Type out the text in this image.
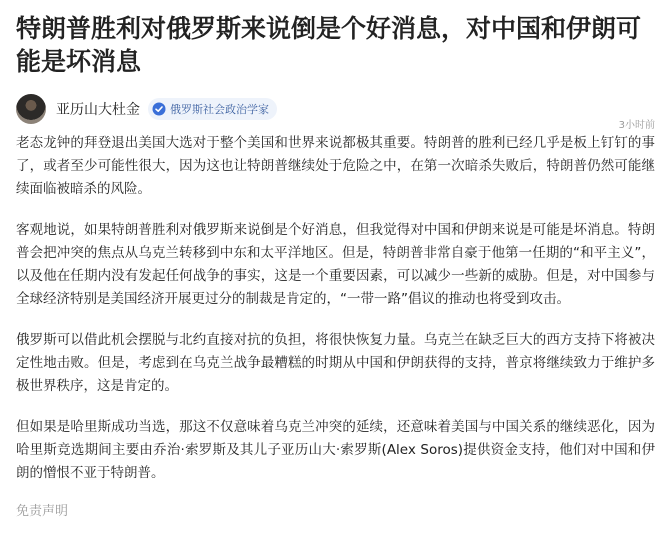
特朗普胜利对俄罗斯来说倒是个好消息，对中国和伊朗可能是坏消息
亚历山大杜金	俄罗斯社会政治学家
3小时前

老态龙钟的拜登退出美国大选对于整个美国和世界来说都极其重要。特朗普的胜利已经几乎是板上钉钉的事了，或者至少可能性很大，因为这也让特朗普继续处于危险之中，在第一次暗杀失败后，特朗普仍然可能继续面临被暗杀的风险。

客观地说，如果特朗普胜利对俄罗斯来说倒是个好消息，但我觉得对中国和伊朗来说是可能是坏消息。特朗普会把冲突的焦点从乌克兰转移到中东和太平洋地区。但是，特朗普非常自豪于他第一任期的“和平主义”，以及他在任期内没有发起任何战争的事实，这是一个重要因素，可以减少一些新的威胁。但是，对中国参与全球经济特别是美国经济开展更过分的制裁是肯定的，“一带一路”倡议的推动也将受到攻击。

俄罗斯可以借此机会摆脱与北约直接对抗的负担，将很快恢复力量。乌克兰在缺乏巨大的西方支持下将被决定性地击败。但是，考虑到在乌克兰战争最糟糕的时期从中国和伊朗获得的支持，普京将继续致力于维护多极世界秩序，这是肯定的。

但如果是哈里斯成功当选，那这不仅意味着乌克兰冲突的延续，还意味着美国与中国关系的继续恶化，因为哈里斯竞选期间主要由乔治·索罗斯及其儿子亚历山大·索罗斯(Alex Soros)提供资金支持，他们对中国和伊朗的憎恨不亚于特朗普。

免责声明
